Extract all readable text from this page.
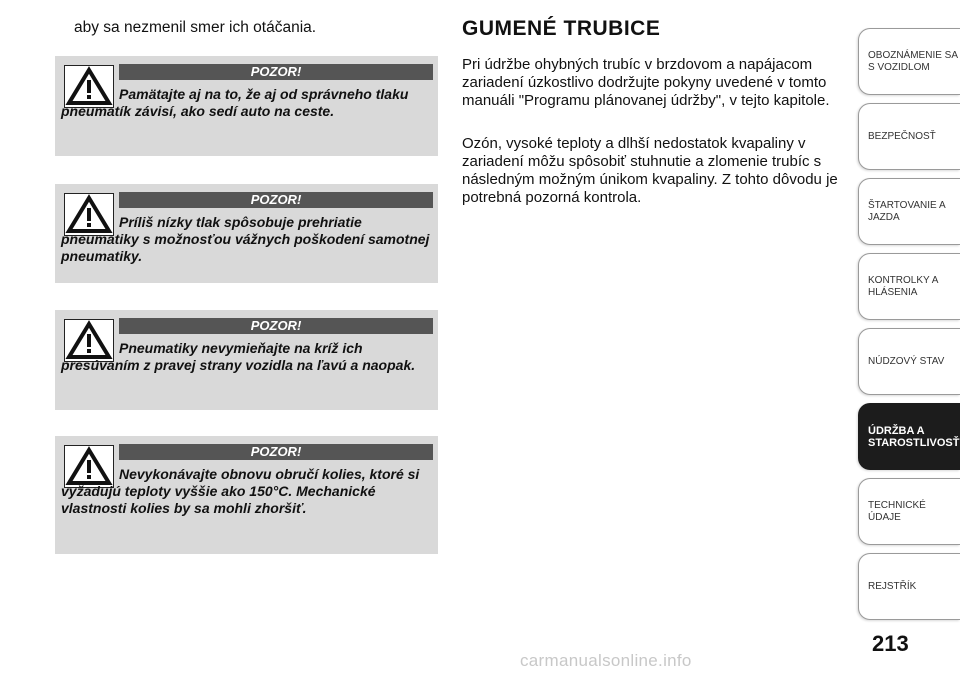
aby sa nezmenil smer ich otáčania.
POZOR!
Pamätajte aj na to, že aj od správneho tlaku pneumatík závisí, ako sedí auto na ceste.
POZOR!
Príliš nízky tlak spôsobuje prehriatie pneumatiky s možnosťou vážnych poškodení samotnej pneumatiky.
POZOR!
Pneumatiky nevymieňajte na kríž ich presúvaním z pravej strany vozidla na ľavú a naopak.
POZOR!
Nevykonávajte obnovu obručí kolies, ktoré si vyžadujú teploty vyššie ako 150°C. Mechanické vlastnosti kolies by sa mohli zhoršiť.
GUMENÉ TRUBICE
Pri údržbe ohybných trubíc v brzdovom a napájacom zariadení úzkostlivo dodržujte pokyny uvedené v tomto manuáli "Programu plánovanej údržby", v tejto kapitole.
Ozón, vysoké teploty a dlhší nedostatok kvapaliny v zariadení môžu spôsobiť stuhnutie a zlomenie trubíc s následným možným únikom kvapaliny. Z tohto dôvodu je potrebná pozorná kontrola.
OBOZNÁMENIE SA S VOZIDLOM
BEZPEČNOSŤ
ŠTARTOVANIE A JAZDA
KONTROLKY A HLÁSENIA
NÚDZOVÝ STAV
ÚDRŽBA A STAROSTLIVOSŤ
TECHNICKÉ ÚDAJE
REJSTŘÍK
213
carmanualsonline.info
